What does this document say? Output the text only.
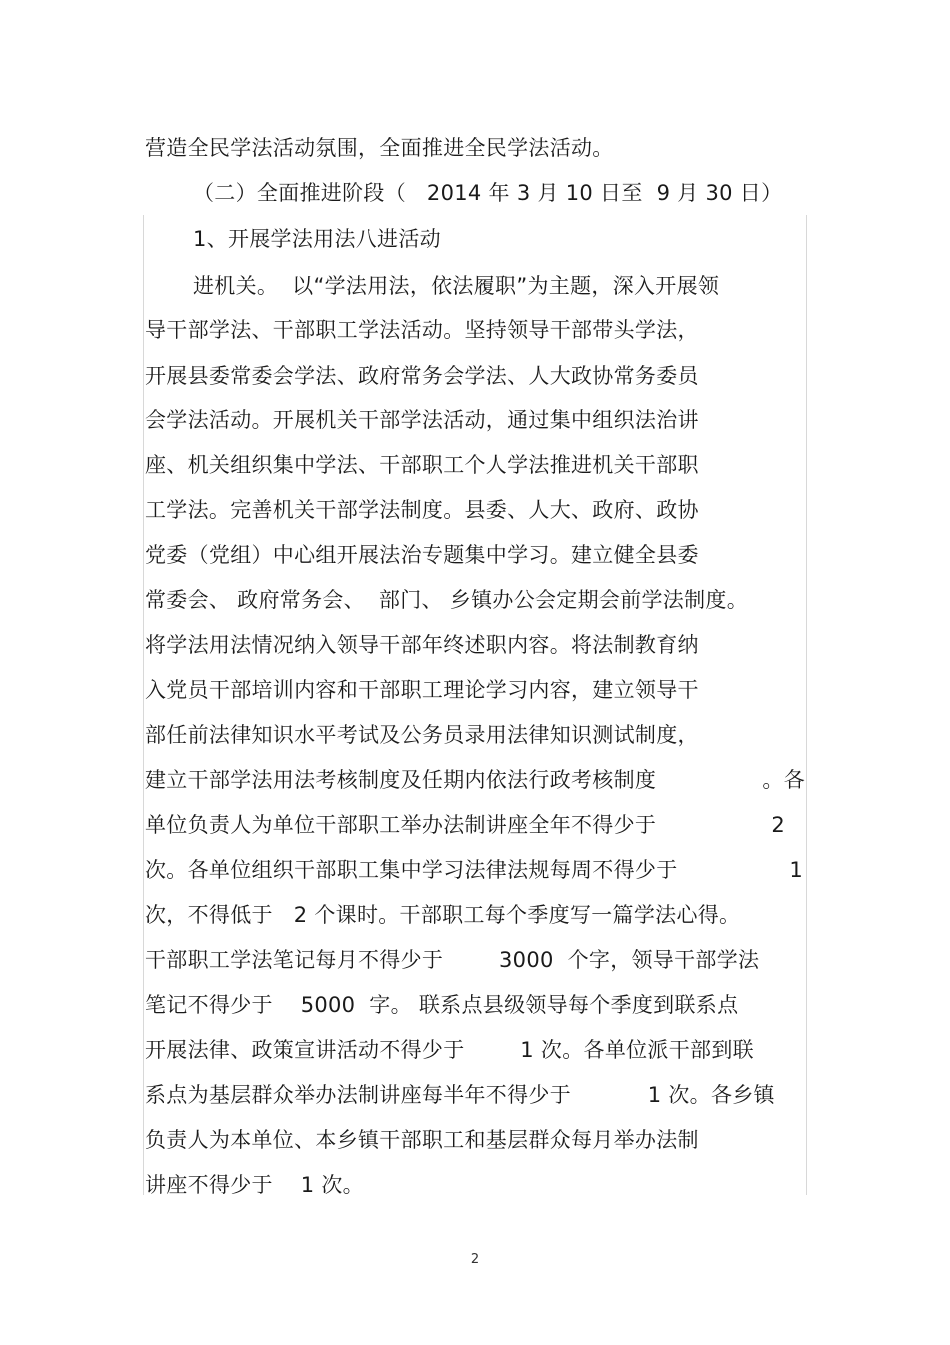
营造全民学法活动氛围，全面推进全民学法活动。
（二）全面推进阶段（   2014 年 3 月 10 日至  9 月 30 日）
1、开展学法用法八进活动
进机关。  以“学法用法，依法履职”为主题，深入开展领
导干部学法、干部职工学法活动。坚持领导干部带头学法，
开展县委常委会学法、政府常务会学法、人大政协常务委员
会学法活动。开展机关干部学法活动，通过集中组织法治讲
座、机关组织集中学法、干部职工个人学法推进机关干部职
工学法。完善机关干部学法制度。县委、人大、政府、政协
党委（党组）中心组开展法治专题集中学习。建立健全县委
常委会、 政府常务会、  部门、 乡镇办公会定期会前学法制度。
将学法用法情况纳入领导干部年终述职内容。将法制教育纳
入党员干部培训内容和干部职工理论学习内容，建立领导干
部任前法律知识水平考试及公务员录用法律知识测试制度，
建立干部学法用法考核制度及任期内依法行政考核制度	。各
单位负责人为单位干部职工举办法制讲座全年不得少于	2
次。各单位组织干部职工集中学习法律法规每周不得少于	1
次，不得低于   2 个课时。干部职工每个季度写一篇学法心得。
干部职工学法笔记每月不得少于        3000  个字，领导干部学法
笔记不得少于    5000  字。 联系点县级领导每个季度到联系点
开展法律、政策宣讲活动不得少于        1 次。各单位派干部到联
系点为基层群众举办法制讲座每半年不得少于           1 次。各乡镇
负责人为本单位、本乡镇干部职工和基层群众每月举办法制
讲座不得少于    1 次。
2
